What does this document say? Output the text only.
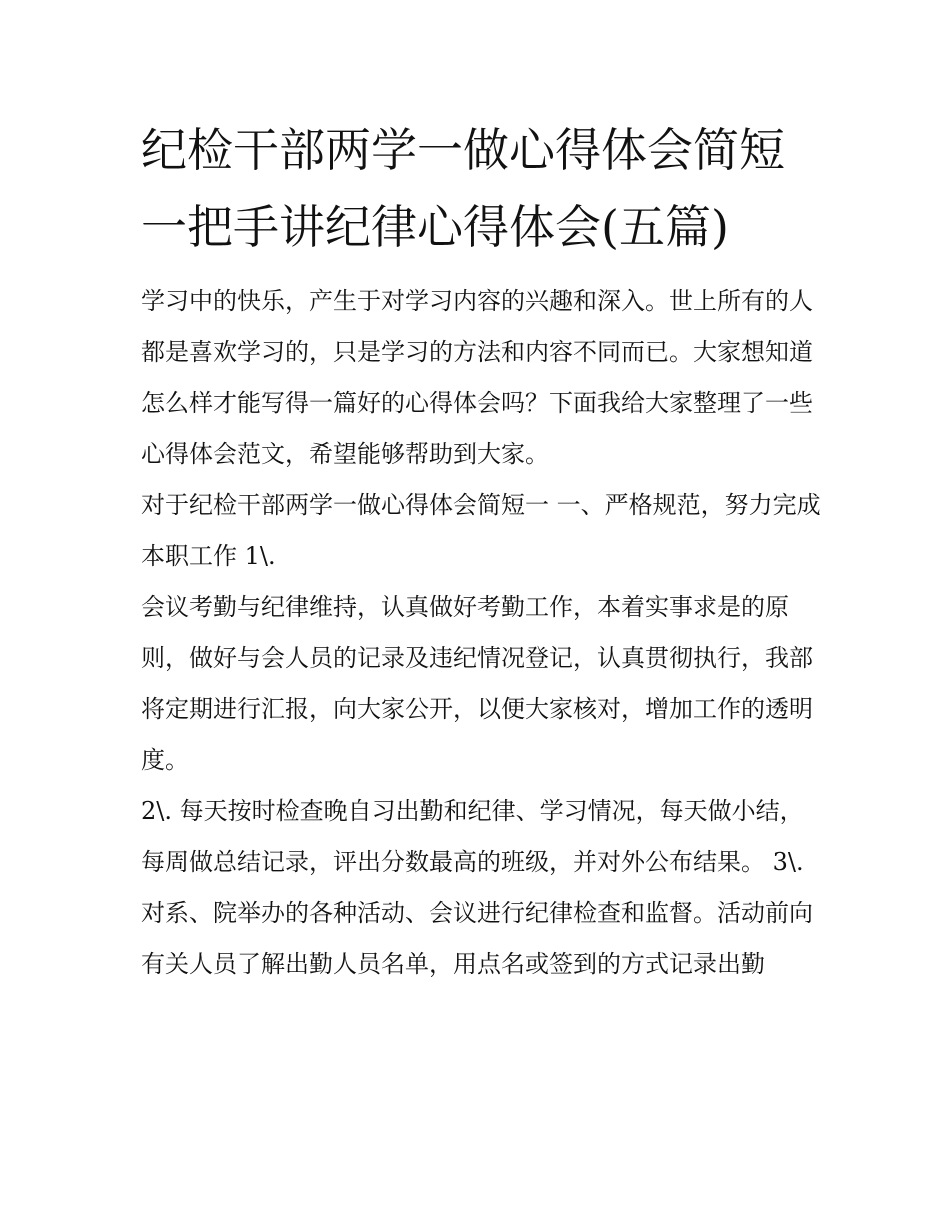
纪检干部两学一做心得体会简短 一把手讲纪律心得体会(五篇)

学习中的快乐，产生于对学习内容的兴趣和深入。世上所有的人都是喜欢学习的，只是学习的方法和内容不同而已。大家想知道怎么样才能写得一篇好的心得体会吗？下面我给大家整理了一些心得体会范文，希望能够帮助到大家。

对于纪检干部两学一做心得体会简短一 一、严格规范，努力完成本职工作 1\.

会议考勤与纪律维持，认真做好考勤工作，本着实事求是的原则，做好与会人员的记录及违纪情况登记，认真贯彻执行，我部将定期进行汇报，向大家公开，以便大家核对，增加工作的透明度。

2\. 每天按时检查晚自习出勤和纪律、学习情况，每天做小结，每周做总结记录，评出分数最高的班级，并对外公布结果。 3\.

对系、院举办的各种活动、会议进行纪律检查和监督。活动前向有关人员了解出勤人员名单，用点名或签到的方式记录出勤
